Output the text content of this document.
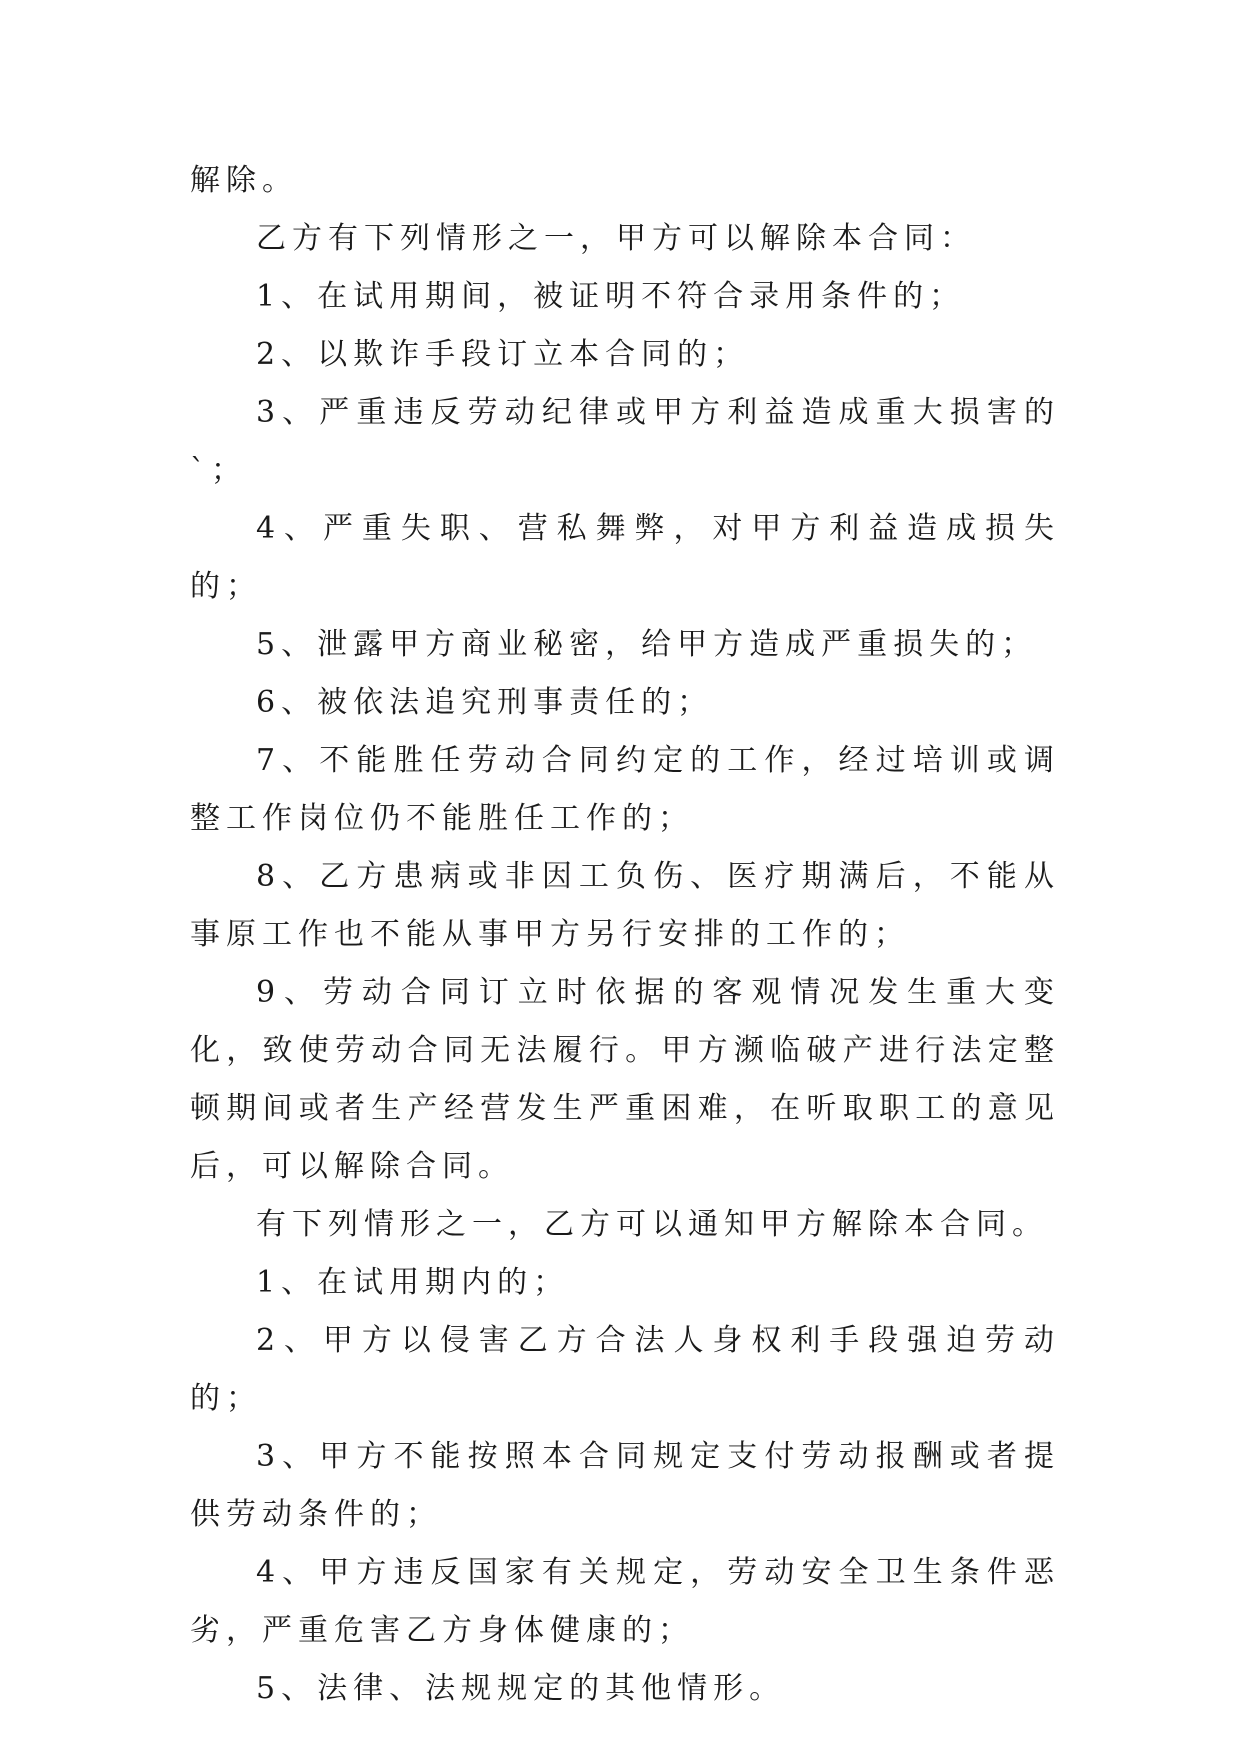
解除。

乙方有下列情形之一，甲方可以解除本合同：

1、在试用期间，被证明不符合录用条件的；

2、以欺诈手段订立本合同的；

3、严重违反劳动纪律或甲方利益造成重大损害的`；

4、严重失职、营私舞弊，对甲方利益造成损失的；

5、泄露甲方商业秘密，给甲方造成严重损失的；

6、被依法追究刑事责任的；

7、不能胜任劳动合同约定的工作，经过培训或调整工作岗位仍不能胜任工作的；

8、乙方患病或非因工负伤、医疗期满后，不能从事原工作也不能从事甲方另行安排的工作的；

9、劳动合同订立时依据的客观情况发生重大变化，致使劳动合同无法履行。甲方濒临破产进行法定整顿期间或者生产经营发生严重困难，在听取职工的意见后，可以解除合同。

有下列情形之一，乙方可以通知甲方解除本合同。

1、在试用期内的；

2、甲方以侵害乙方合法人身权利手段强迫劳动的；

3、甲方不能按照本合同规定支付劳动报酬或者提供劳动条件的；

4、甲方违反国家有关规定，劳动安全卫生条件恶劣，严重危害乙方身体健康的；

5、法律、法规规定的其他情形。
